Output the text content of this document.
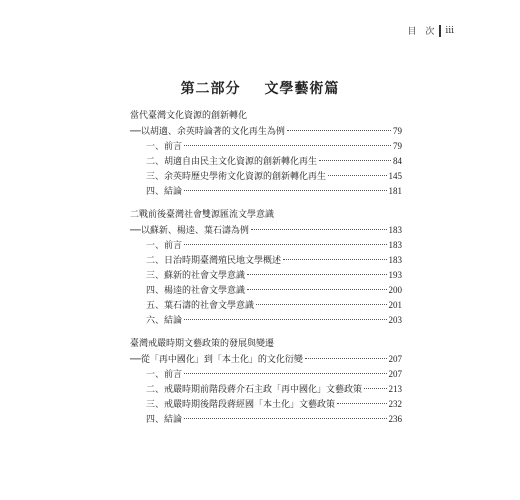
目 次 iii
第二部分 文學藝術篇
當代臺灣文化資源的創新轉化
──以胡適、余英時論著的文化再生為例	79
一、前言	79
二、胡適自由民主文化資源的創新轉化再生	84
三、余英時歷史學術文化資源的創新轉化再生	145
四、結論	181
二戰前後臺灣社會雙源匯流文學意識
──以蘇新、楊逵、葉石濤為例	183
一、前言	183
二、日治時期臺灣殖民地文學概述	183
三、蘇新的社會文學意識	193
四、楊逵的社會文學意識	200
五、葉石濤的社會文學意識	201
六、結論	203
臺灣戒嚴時期文藝政策的發展與變遷
──從「再中國化」到「本土化」的文化衍變	207
一、前言	207
二、戒嚴時期前階段蔣介石主政「再中國化」文藝政策	213
三、戒嚴時期後階段蔣經國「本土化」文藝政策	232
四、結論	236
